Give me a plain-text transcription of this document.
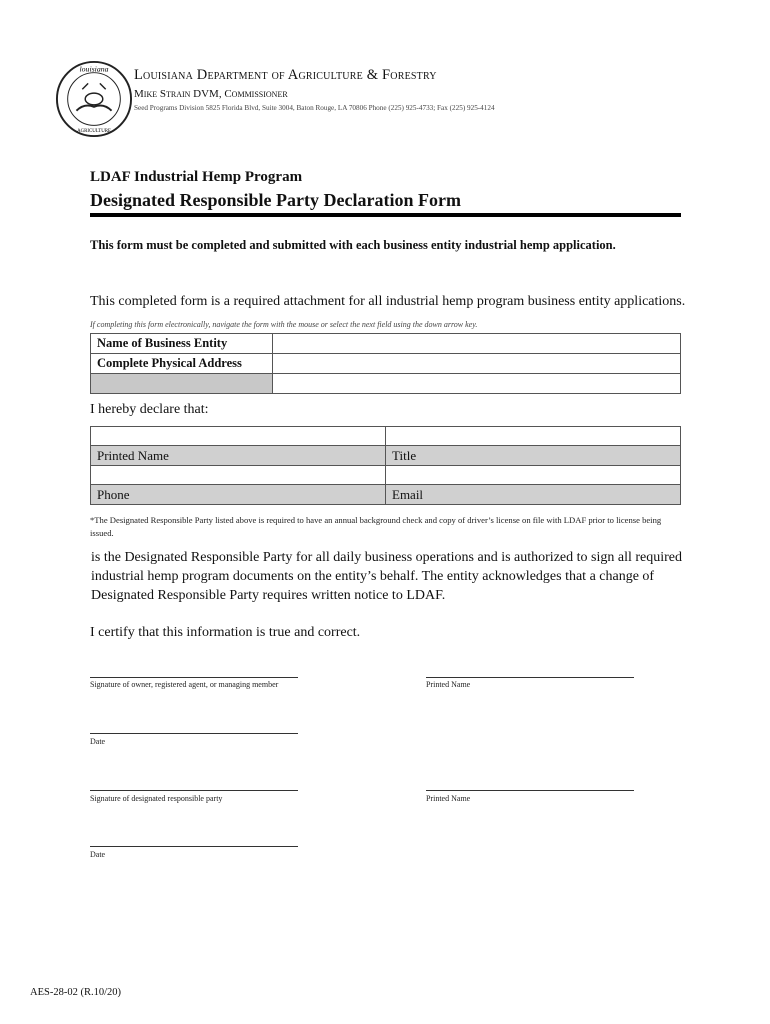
louisiana
AGRICULTURE
Louisiana Department of Agriculture & Forestry
Mike Strain DVM, Commissioner
Seed Programs Division 5825 Florida Blvd, Suite 3004, Baton Rouge, LA 70806 Phone (225) 925-4733; Fax (225) 925-4124
LDAF Industrial Hemp Program
Designated Responsible Party Declaration Form
This form must be completed and submitted with each business entity industrial hemp application.
This completed form is a required attachment for all industrial hemp program business entity applications.
If completing this form electronically, navigate the form with the mouse or select the next field using the down arrow key.
Name of Business Entity	
Complete Physical Address	

I hereby declare that:

Printed Name	Title

Phone	Email
*The Designated Responsible Party listed above is required to have an annual background check and copy of driver’s license on file with LDAF prior to license being issued.
is the Designated Responsible Party for all daily business operations and is authorized to sign all required industrial hemp program documents on the entity’s behalf. The entity acknowledges that a change of Designated Responsible Party requires written notice to LDAF.
I certify that this information is true and correct.
Signature of owner, registered agent, or managing member	Printed Name
Date
Signature of designated responsible party	Printed Name
Date
AES-28-02 (R.10/20)
